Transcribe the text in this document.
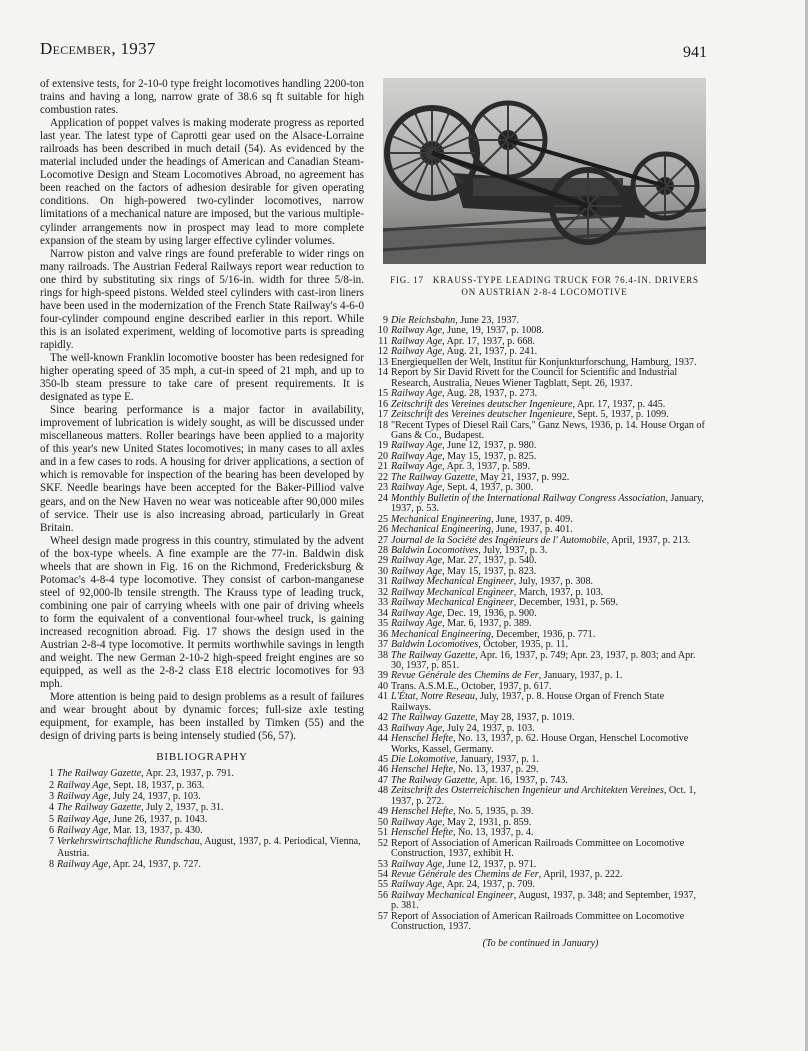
December, 1937	941

of extensive tests, for 2-10-0 type freight locomotives handling 2200-ton trains and having a long, narrow grate of 38.6 sq ft suitable for high combustion rates.

Application of poppet valves is making moderate progress as reported last year. The latest type of Caprotti gear used on the Alsace-Lorraine railroads has been described in much detail (54). As evidenced by the material included under the headings of American and Canadian Steam-Locomotive Design and Steam Locomotives Abroad, no agreement has been reached on the factors of adhesion desirable for given operating conditions. On high-powered two-cylinder locomotives, narrow limitations of a mechanical nature are imposed, but the various multiple-cylinder arrangements now in prospect may lead to more complete expansion of the steam by using larger effective cylinder volumes.

Narrow piston and valve rings are found preferable to wider rings on many railroads. The Austrian Federal Railways report wear reduction to one third by substituting six rings of 5/16-in. width for three 5/8-in. rings for high-speed pistons. Welded steel cylinders with cast-iron liners have been used in the modernization of the French State Railway's 4-6-0 four-cylinder compound engine described earlier in this report. While this is an isolated experiment, welding of locomotive parts is spreading rapidly.

The well-known Franklin locomotive booster has been redesigned for higher operating speed of 35 mph, a cut-in speed of 21 mph, and up to 350-lb steam pressure to take care of present requirements. It is designated as type E.

Since bearing performance is a major factor in availability, improvement of lubrication is widely sought, as will be discussed under miscellaneous matters. Roller bearings have been applied to a majority of this year's new United States locomotives; in many cases to all axles and in a few cases to rods. A housing for driver applications, a section of which is removable for inspection of the bearing has been developed by SKF. Needle bearings have been accepted for the Baker-Pilliod valve gears, and on the New Haven no wear was noticeable after 90,000 miles of service. Their use is also increasing abroad, particularly in Great Britain.

Wheel design made progress in this country, stimulated by the advent of the box-type wheels. A fine example are the 77-in. Baldwin disk wheels that are shown in Fig. 16 on the Richmond, Fredericksburg & Potomac's 4-8-4 type locomotive. They consist of carbon-manganese steel of 92,000-lb tensile strength. The Krauss type of leading truck, combining one pair of carrying wheels with one pair of driving wheels to form the equivalent of a conventional four-wheel truck, is gaining increased recognition abroad. Fig. 17 shows the design used in the Austrian 2-8-4 type locomotive. It permits worthwhile savings in length and weight. The new German 2-10-2 high-speed freight engines are so equipped, as well as the 2-8-2 class E18 electric locomotives for 93 mph.

More attention is being paid to design problems as a result of failures and wear brought about by dynamic forces; full-size axle testing equipment, for example, has been installed by Timken (55) and the design of driving parts is being intensely studied (56, 57).

BIBLIOGRAPHY

1 The Railway Gazette, Apr. 23, 1937, p. 791.
2 Railway Age, Sept. 18, 1937, p. 363.
3 Railway Age, July 24, 1937, p. 103.
4 The Railway Gazette, July 2, 1937, p. 31.
5 Railway Age, June 26, 1937, p. 1043.
6 Railway Age, Mar. 13, 1937, p. 430.
7 Verkehrswirtschaftliche Rundschau, August, 1937, p. 4. Periodical, Vienna, Austria.
8 Railway Age, Apr. 24, 1937, p. 727.
FIG. 17 KRAUSS-TYPE LEADING TRUCK FOR 76.4-IN. DRIVERS ON AUSTRIAN 2-8-4 LOCOMOTIVE
9 Die Reichsbahn, June 23, 1937.
10 Railway Age, June, 19, 1937, p. 1008.
11 Railway Age, Apr. 17, 1937, p. 668.
12 Railway Age, Aug. 21, 1937, p. 241.
13 Energiequellen der Welt, Institut für Konjunkturforschung, Hamburg, 1937.
14 Report by Sir David Rivett for the Council for Scientific and Industrial Research, Australia, Neues Wiener Tagblatt, Sept. 26, 1937.
15 Railway Age, Aug. 28, 1937, p. 273.
16 Zeitschrift des Vereines deutscher Ingenieure, Apr. 17, 1937, p. 445.
17 Zeitschrift des Vereines deutscher Ingenieure, Sept. 5, 1937, p. 1099.
18 "Recent Types of Diesel Rail Cars," Ganz News, 1936, p. 14. House Organ of Gans & Co., Budapest.
19 Railway Age, June 12, 1937, p. 980.
20 Railway Age, May 15, 1937, p. 825.
21 Railway Age, Apr. 3, 1937, p. 589.
22 The Railway Gazette, May 21, 1937, p. 992.
23 Railway Age, Sept. 4, 1937, p. 300.
24 Monthly Bulletin of the International Railway Congress Association, January, 1937, p. 53.
25 Mechanical Engineering, June, 1937, p. 409.
26 Mechanical Engineering, June, 1937, p. 401.
27 Journal de la Société des Ingénieurs de l' Automobile, April, 1937, p. 213.
28 Baldwin Locomotives, July, 1937, p. 3.
29 Railway Age, Mar. 27, 1937, p. 540.
30 Railway Age, May 15, 1937, p. 823.
31 Railway Mechanical Engineer, July, 1937, p. 308.
32 Railway Mechanical Engineer, March, 1937, p. 103.
33 Railway Mechanical Engineer, December, 1931, p. 569.
34 Railway Age, Dec. 19, 1936, p. 900.
35 Railway Age, Mar. 6, 1937, p. 389.
36 Mechanical Engineering, December, 1936, p. 771.
37 Baldwin Locomotives, October, 1935, p. 11.
38 The Railway Gazette, Apr. 16, 1937, p. 749; Apr. 23, 1937, p. 803; and Apr. 30, 1937, p. 851.
39 Revue Générale des Chemins de Fer, January, 1937, p. 1.
40 Trans. A.S.M.E., October, 1937, p. 617.
41 L'État, Notre Reseau, July, 1937, p. 8. House Organ of French State Railways.
42 The Railway Gazette, May 28, 1937, p. 1019.
43 Railway Age, July 24, 1937, p. 103.
44 Henschel Hefte, No. 13, 1937, p. 62. House Organ, Henschel Locomotive Works, Kassel, Germany.
45 Die Lokomotive, January, 1937, p. 1.
46 Henschel Hefte, No. 13, 1937, p. 29.
47 The Railway Gazette, Apr. 16, 1937, p. 743.
48 Zeitschrift des Osterreichischen Ingenieur und Architekten Vereines, Oct. 1, 1937, p. 272.
49 Henschel Hefte, No. 5, 1935, p. 39.
50 Railway Age, May 2, 1931, p. 859.
51 Henschel Hefte, No. 13, 1937, p. 4.
52 Report of Association of American Railroads Committee on Locomotive Construction, 1937, exhibit H.
53 Railway Age, June 12, 1937, p. 971.
54 Revue Générale des Chemins de Fer, April, 1937, p. 222.
55 Railway Age, Apr. 24, 1937, p. 709.
56 Railway Mechanical Engineer, August, 1937, p. 348; and September, 1937, p. 381.
57 Report of Association of American Railroads Committee on Locomotive Construction, 1937.
(To be continued in January)
